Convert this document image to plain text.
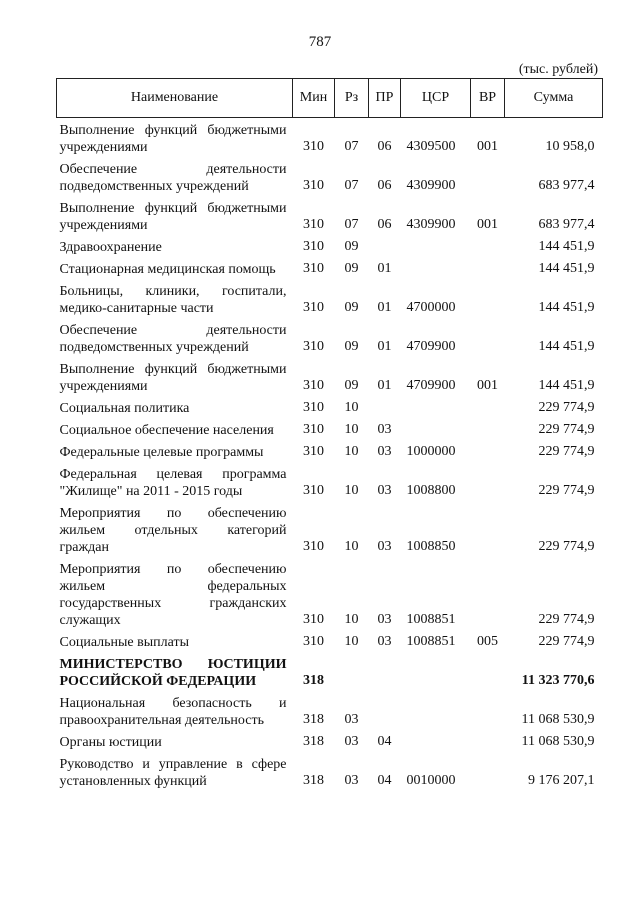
787
(тыс. рублей)
Наименование	Мин	Рз	ПР	ЦСР	ВР	Сумма
Выполнение функций бюджетными учреждениями	310	07	06	4309500	001	10 958,0
Обеспечение деятельности подведомственных учреждений	310	07	06	4309900		683 977,4
Выполнение функций бюджетными учреждениями	310	07	06	4309900	001	683 977,4
Здравоохранение	310	09				144 451,9
Стационарная медицинская помощь	310	09	01			144 451,9
Больницы, клиники, госпитали, медико-санитарные части	310	09	01	4700000		144 451,9
Обеспечение деятельности подведомственных учреждений	310	09	01	4709900		144 451,9
Выполнение функций бюджетными учреждениями	310	09	01	4709900	001	144 451,9
Социальная политика	310	10				229 774,9
Социальное обеспечение населения	310	10	03			229 774,9
Федеральные целевые программы	310	10	03	1000000		229 774,9
Федеральная целевая программа "Жилище" на 2011 - 2015 годы	310	10	03	1008800		229 774,9
Мероприятия по обеспечению жильем отдельных категорий граждан	310	10	03	1008850		229 774,9
Мероприятия по обеспечению жильем федеральных государственных гражданских служащих	310	10	03	1008851		229 774,9
Социальные выплаты	310	10	03	1008851	005	229 774,9
МИНИСТЕРСТВО ЮСТИЦИИ РОССИЙСКОЙ ФЕДЕРАЦИИ	318					11 323 770,6
Национальная безопасность и правоохранительная деятельность	318	03				11 068 530,9
Органы юстиции	318	03	04			11 068 530,9
Руководство и управление в сфере установленных функций	318	03	04	0010000		9 176 207,1
